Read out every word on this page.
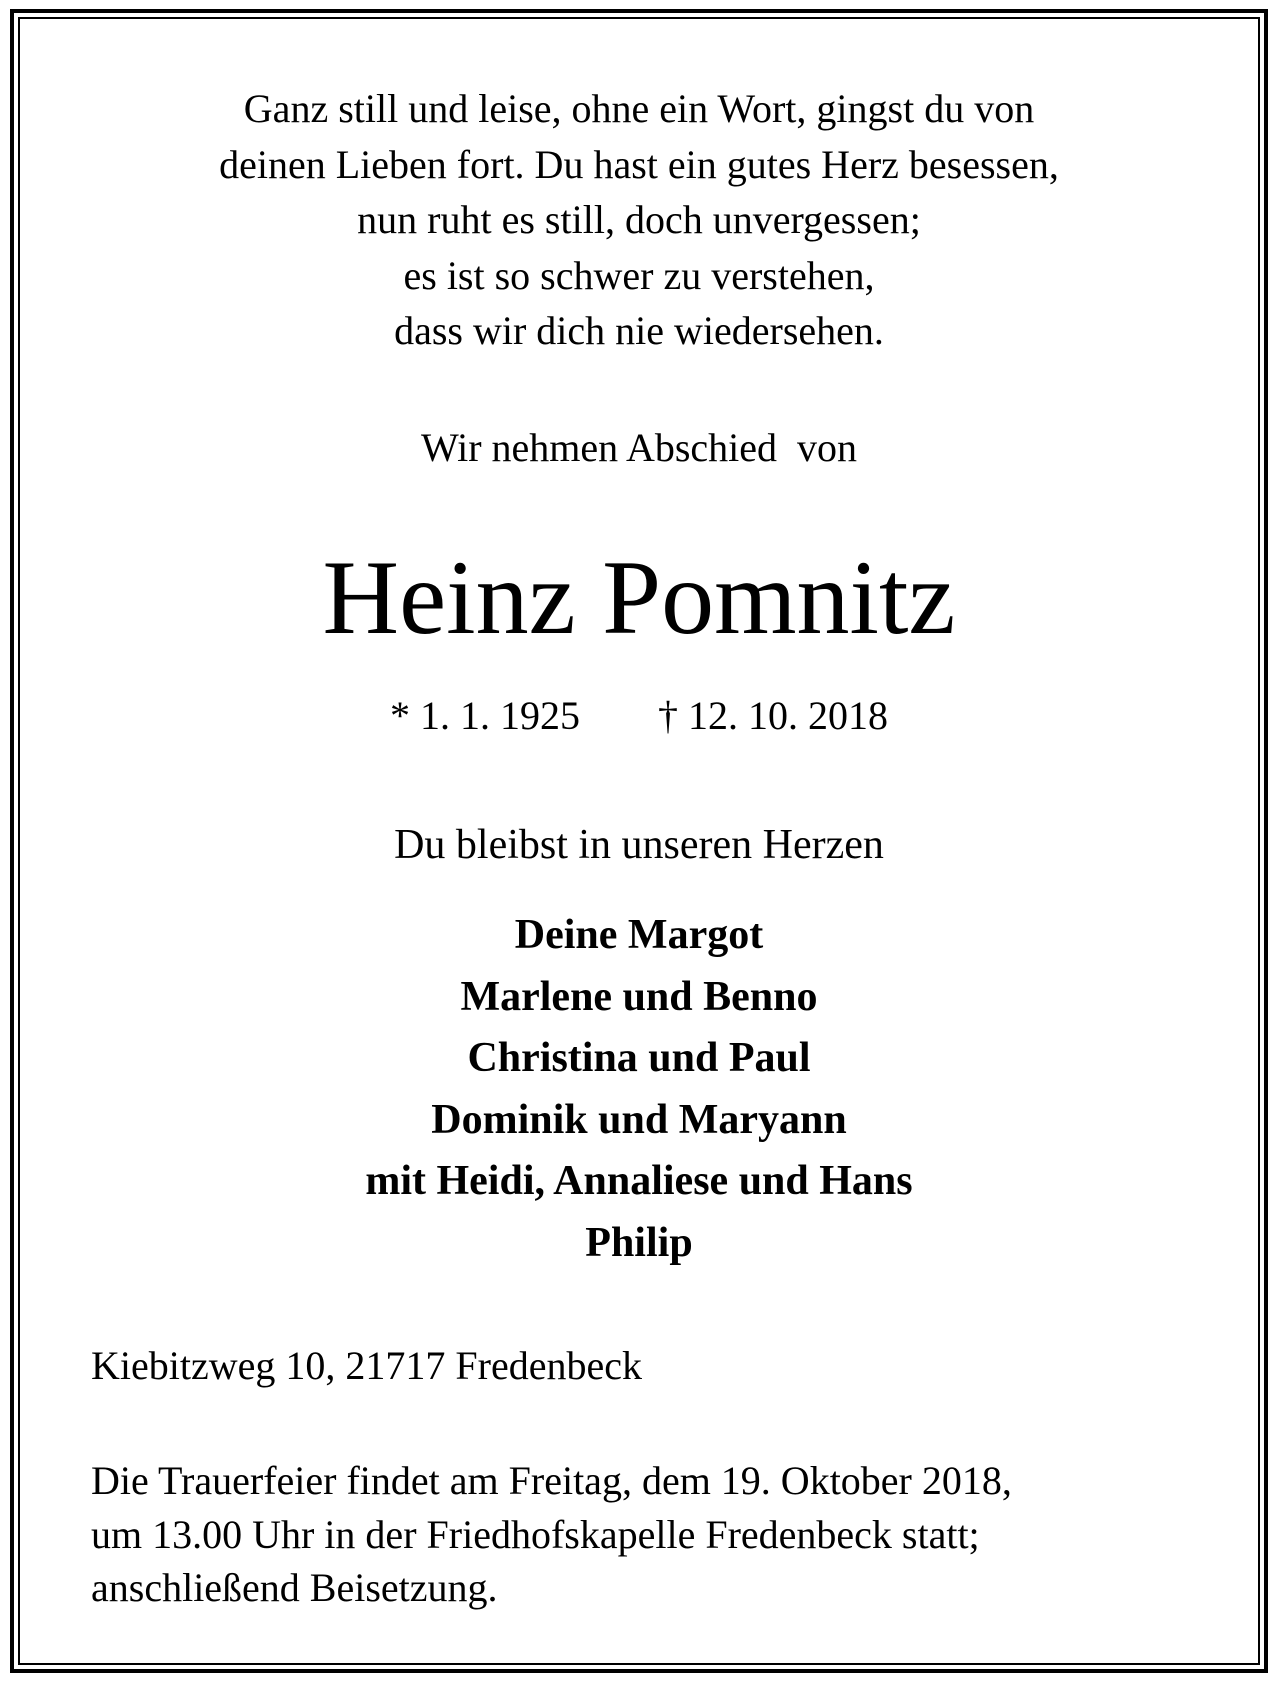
Ganz still und leise, ohne ein Wort, gingst du von
deinen Lieben fort. Du hast ein gutes Herz besessen,
nun ruht es still, doch unvergessen;
es ist so schwer zu verstehen,
dass wir dich nie wiedersehen.
Wir nehmen Abschied  von
Heinz Pomnitz
* 1. 1. 1925 † 12. 10. 2018
Du bleibst in unseren Herzen
Deine Margot
Marlene und Benno
Christina und Paul
Dominik und Maryann
mit Heidi, Annaliese und Hans
Philip
Kiebitzweg 10, 21717 Fredenbeck
Die Trauerfeier findet am Freitag, dem 19. Oktober 2018,
um 13.00 Uhr in der Friedhofskapelle Fredenbeck statt;
anschließend Beisetzung.
